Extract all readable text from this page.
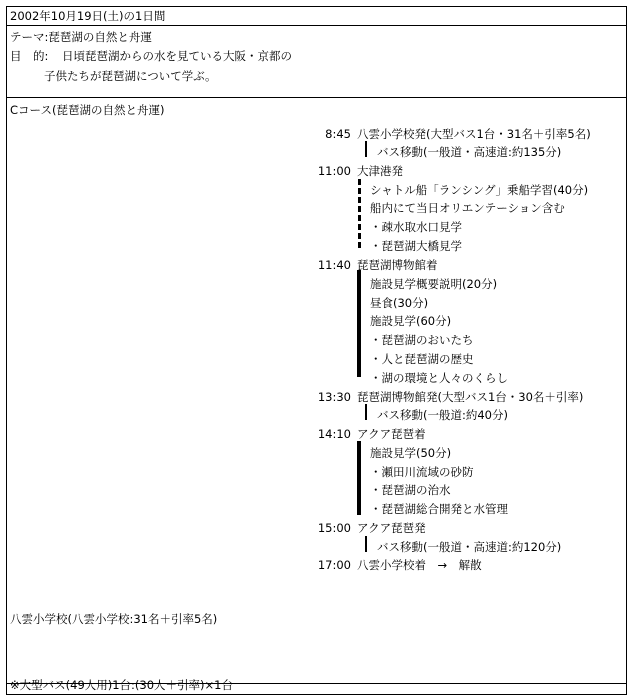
2002年10月19日(土)の1日間
テーマ:琵琶湖の自然と舟運
目　的: 日頃琵琶湖からの水を見ている大阪・京都の
子供たちが琵琶湖について学ぶ。
Cコース(琵琶湖の自然と舟運)
8:45 八雲小学校発(大型バス1台・31名＋引率5名)
バス移動(一般道・高速道:約135分)
11:00 大津港発
シャトル船「ランシング」乗船学習(40分)
船内にて当日オリエンテーション含む
・疎水取水口見学
・琵琶湖大橋見学
11:40 琵琶湖博物館着
施設見学概要説明(20分)
昼食(30分)
施設見学(60分)
・琵琶湖のおいたち
・人と琵琶湖の歴史
・湖の環境と人々のくらし
13:30 琵琶湖博物館発(大型バス1台・30名＋引率)
バス移動(一般道:約40分)
14:10 アクア琵琶着
施設見学(50分)
・瀬田川流域の砂防
・琵琶湖の治水
・琵琶湖総合開発と水管理
15:00 アクア琵琶発
バス移動(一般道・高速道:約120分)
17:00 八雲小学校着　→　解散
八雲小学校(八雲小学校:31名＋引率5名)
※大型バス(49人用)1台:(30人＋引率)×1台
